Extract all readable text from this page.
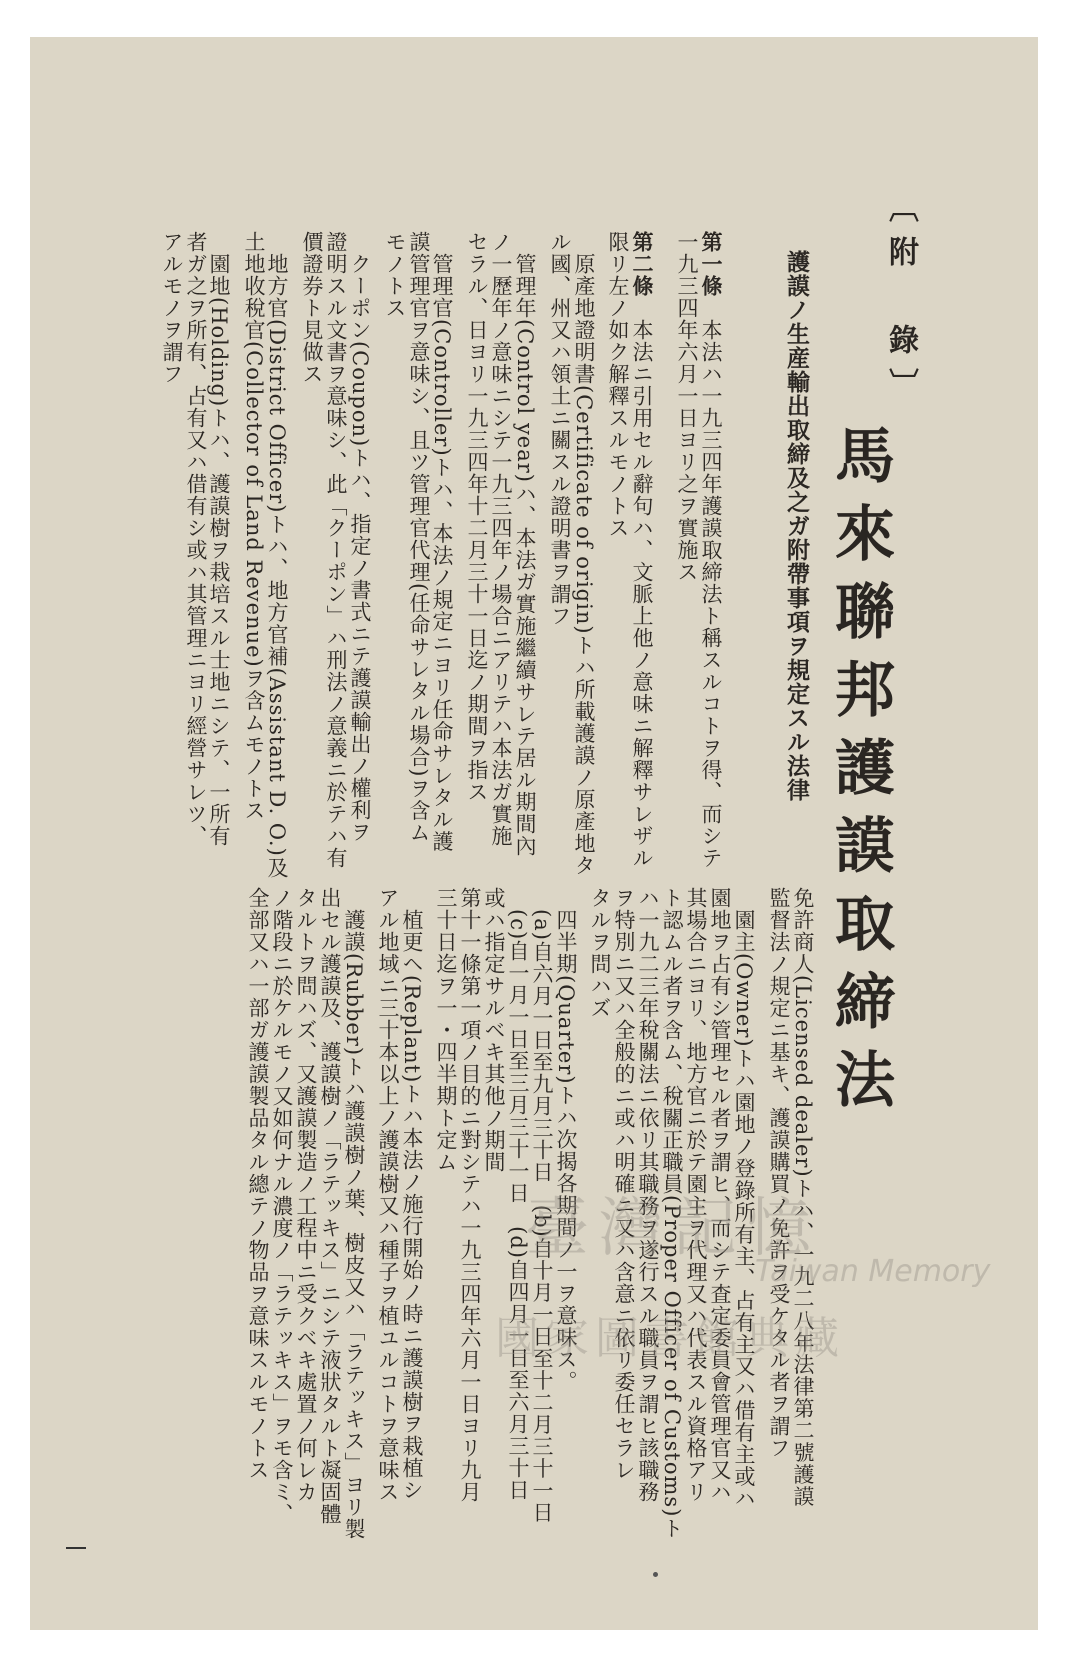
〔附　錄〕
馬來聯邦護謨取締法
護謨ノ生産輸出取締及之ガ附帶事項ヲ規定スル法律
第一條　本法ハ一九三四年護謨取締法ト稱スルコトヲ得、而シテ
一九三四年六月一日ヨリ之ヲ實施ス
第二條　本法ニ引用セル辭句ハ、文脈上他ノ意味ニ解釋サレザル
限リ左ノ如ク解釋スルモノトス
原產地證明書(Certificate of origin)トハ所載護謨ノ原產地タ
ル國、州又ハ領土ニ關スル證明書ヲ謂フ
管理年(Control year)ハ、本法ガ實施繼續サレテ居ル期間內
ノ一歷年ノ意味ニシテ一九三四年ノ場合ニアリテハ本法ガ實施
セラル、日ヨリ一九三四年十二月三十一日迄ノ期間ヲ指ス
管理官(Controller)トハ、本法ノ規定ニヨリ任命サレタル護
謨管理官ヲ意味シ、且ツ管理官代理(任命サレタル場合)ヲ含ム
モノトス
クーポン(Coupon)トハ、指定ノ書式ニテ護謨輸出ノ權利ヲ
證明スル文書ヲ意味シ、此「クーポン」ハ刑法ノ意義ニ於テハ有
價證券ト見做ス
地方官(District Officer)トハ、地方官補(Assistant D. O.)及
土地收稅官(Collector of Land Revenue)ヲ含ムモノトス
園地(Holding)トハ、護謨樹ヲ栽培スル士地ニシテ、一所有
者ガ之ヲ所有、占有又ハ借有シ或ハ其管理ニヨリ經營サレツ、
アルモノヲ謂フ
免許商人(Licensed dealer)トハ、一九二八年法律第二號護謨
監督法ノ規定ニ基キ、護謨購買ノ免許ヲ受ケタル者ヲ謂フ
園主(Owner)トハ園地ノ登錄所有主、占有主又ハ借有主或ハ
園地ヲ占有シ管理セル者ヲ謂ヒ、而シテ査定委員會管理官又ハ
其場合ニヨリ、地方官ニ於テ園主ヲ代理又ハ代表スル資格アリ
ト認ムル者ヲ含ム、稅關正職員(Proper Officer of Customs)ト
ハ一九二三年稅關法ニ依リ其職務ヲ遂行スル職員ヲ謂ヒ該職務
ヲ特別ニ又ハ全般的ニ或ハ明確ニ又ハ含意ニ依リ委任セラレ
タルヲ問ハズ
四半期(Quarter)トハ次揭各期間ノ一ヲ意味ス。
(a)自六月一日至九月三十日　(b)自十月一日至十二月三十一日
(c)自一月一日至三月三十一日　(d)自四月一日至六月三十日
或ハ指定サルベキ其他ノ期間
第十一條第一項ノ目的ニ對シテハ一九三四年六月一日ヨリ九月
三十日迄ヲ一・四半期ト定ム
植更ヘ(Replant)トハ本法ノ施行開始ノ時ニ護謨樹ヲ栽植シ
アル地域ニ三十本以上ノ護謨樹又ハ種子ヲ植ユルコトヲ意味ス
護謨(Rubber)トハ護謨樹ノ葉、樹皮又ハ「ラテッキス」ヨリ製
出セル護謨及、護謨樹ノ「ラテッキス」ニシテ液狀タルト凝固體
タルトヲ問ハズ、又護謨製造ノ工程中ニ受クベキ處置ノ何レカ
ノ階段ニ於ケルモノ又如何ナル濃度ノ「ラテッキス」ヲモ含ミ、
全部又ハ一部ガ護謨製品タル總テノ物品ヲ意味スルモノトス	臺灣記憶
Taiwan Memory
國家圖書館典藏
